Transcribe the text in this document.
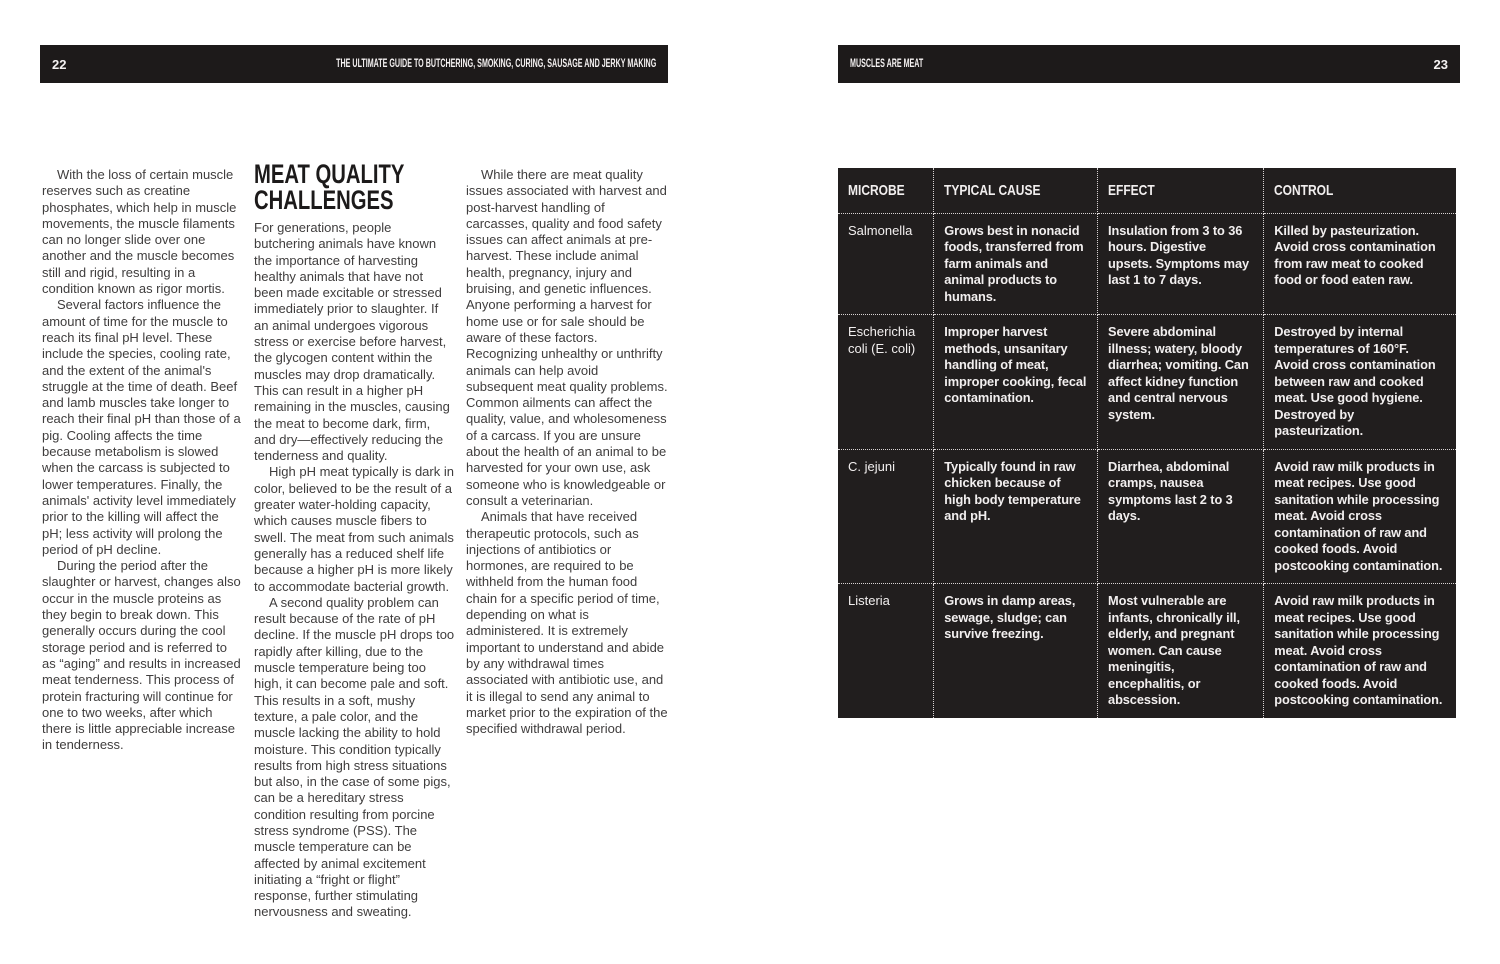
22	THE ULTIMATE GUIDE TO BUTCHERING, SMOKING, CURING, SAUSAGE AND JERKY MAKING

With the loss of certain muscle reserves such as creatine phosphates, which help in muscle movements, the muscle filaments can no longer slide over one another and the muscle becomes still and rigid, resulting in a condition known as rigor mortis.

Several factors influence the amount of time for the muscle to reach its final pH level. These include the species, cooling rate, and the extent of the animal's struggle at the time of death. Beef and lamb muscles take longer to reach their final pH than those of a pig. Cooling affects the time because metabolism is slowed when the carcass is subjected to lower temperatures. Finally, the animals' activity level immediately prior to the killing will affect the pH; less activity will prolong the period of pH decline.

During the period after the slaughter or harvest, changes also occur in the muscle proteins as they begin to break down. This generally occurs during the cool storage period and is referred to as “aging” and results in increased meat tenderness. This process of protein fracturing will continue for one to two weeks, after which there is little appreciable increase in tenderness.

MEAT QUALITY CHALLENGES

For generations, people butchering animals have known the importance of harvesting healthy animals that have not been made excitable or stressed immediately prior to slaughter. If an animal undergoes vigorous stress or exercise before harvest, the glycogen content within the muscles may drop dramatically. This can result in a higher pH remaining in the muscles, causing the meat to become dark, firm, and dry—effectively reducing the tenderness and quality.

High pH meat typically is dark in color, believed to be the result of a greater water-holding capacity, which causes muscle fibers to swell. The meat from such animals generally has a reduced shelf life because a higher pH is more likely to accommodate bacterial growth.

A second quality problem can result because of the rate of pH decline. If the muscle pH drops too rapidly after killing, due to the muscle temperature being too high, it can become pale and soft. This results in a soft, mushy texture, a pale color, and the muscle lacking the ability to hold moisture. This condition typically results from high stress situations but also, in the case of some pigs, can be a hereditary stress condition resulting from porcine stress syndrome (PSS). The muscle temperature can be affected by animal excitement initiating a “fright or flight” response, further stimulating nervousness and sweating.

While there are meat quality issues associated with harvest and post-harvest handling of carcasses, quality and food safety issues can affect animals at pre-harvest. These include animal health, pregnancy, injury and bruising, and genetic influences. Anyone performing a harvest for home use or for sale should be aware of these factors. Recognizing unhealthy or unthrifty animals can help avoid subsequent meat quality problems. Common ailments can affect the quality, value, and wholesomeness of a carcass. If you are unsure about the health of an animal to be harvested for your own use, ask someone who is knowledgeable or consult a veterinarian.

Animals that have received therapeutic protocols, such as injections of antibiotics or hormones, are required to be withheld from the human food chain for a specific period of time, depending on what is administered. It is extremely important to understand and abide by any withdrawal times associated with antibiotic use, and it is illegal to send any animal to market prior to the expiration of the specified withdrawal period.

MUSCLES ARE MEAT	23
MICROBE	TYPICAL CAUSE	EFFECT	CONTROL
Salmonella	Grows best in nonacid foods, transferred from farm animals and animal products to humans.	Insulation from 3 to 36 hours. Digestive upsets. Symptoms may last 1 to 7 days.	Killed by pasteurization. Avoid cross contamination from raw meat to cooked food or food eaten raw.
Escherichia coli (E. coli)	Improper harvest methods, unsanitary handling of meat, improper cooking, fecal contamination.	Severe abdominal illness; watery, bloody diarrhea; vomiting. Can affect kidney function and central nervous system.	Destroyed by internal temperatures of 160°F. Avoid cross contamination between raw and cooked meat. Use good hygiene. Destroyed by pasteurization.
C. jejuni	Typically found in raw chicken because of high body temperature and pH.	Diarrhea, abdominal cramps, nausea symptoms last 2 to 3 days.	Avoid raw milk products in meat recipes. Use good sanitation while processing meat. Avoid cross contamination of raw and cooked foods. Avoid postcooking contamination.
Listeria	Grows in damp areas, sewage, sludge; can survive freezing.	Most vulnerable are infants, chronically ill, elderly, and pregnant women. Can cause meningitis, encephalitis, or abscession.	Avoid raw milk products in meat recipes. Use good sanitation while processing meat. Avoid cross contamination of raw and cooked foods. Avoid postcooking contamination.
